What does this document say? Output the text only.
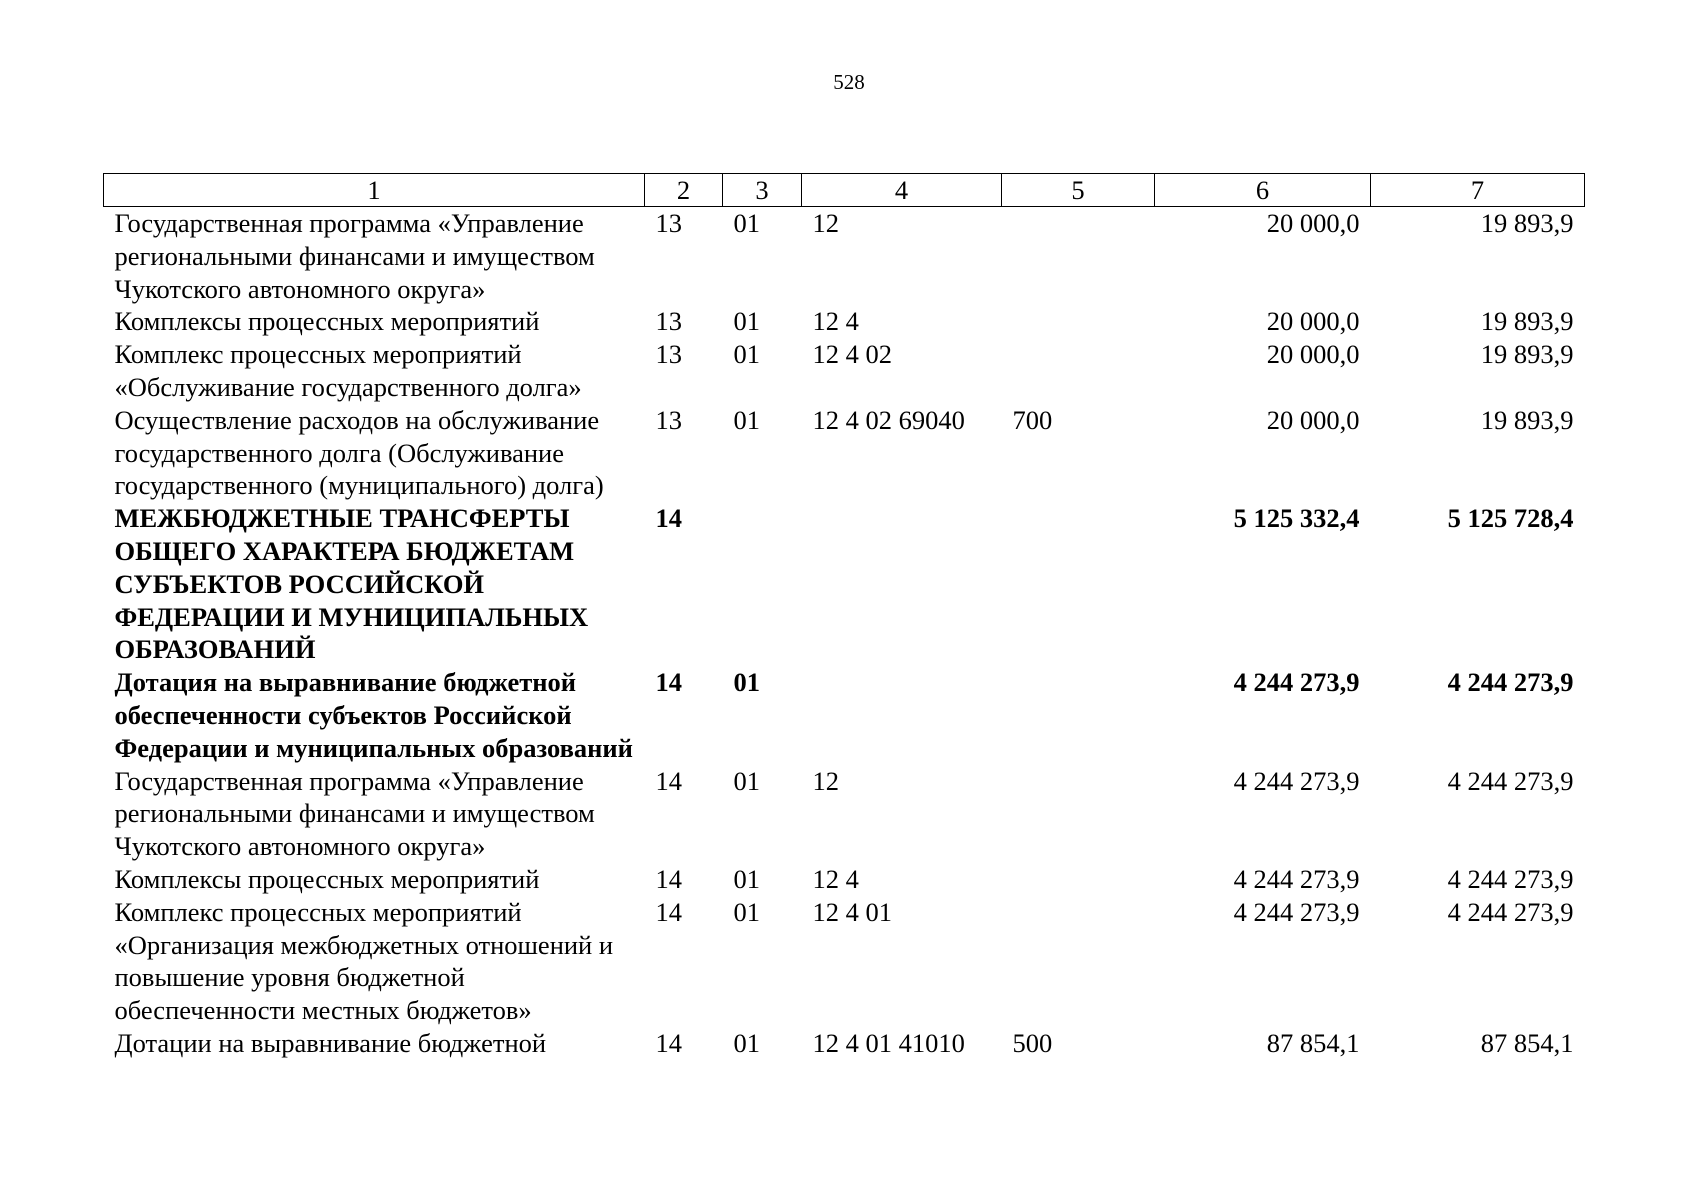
528
1	2	3	4	5	6	7
Государственная программа «Управление региональными финансами и имуществом Чукотского автономного округа»	13	01	12		20 000,0	19 893,9
Комплексы процессных мероприятий	13	01	12 4		20 000,0	19 893,9
Комплекс процессных мероприятий «Обслуживание государственного долга»	13	01	12 4 02		20 000,0	19 893,9
Осуществление расходов на обслуживание государственного долга (Обслуживание государственного (муниципального) долга)	13	01	12 4 02 69040	700	20 000,0	19 893,9
МЕЖБЮДЖЕТНЫЕ ТРАНСФЕРТЫ ОБЩЕГО ХАРАКТЕРА БЮДЖЕТАМ СУБЪЕКТОВ РОССИЙСКОЙ ФЕДЕРАЦИИ И МУНИЦИПАЛЬНЫХ ОБРАЗОВАНИЙ	14				5 125 332,4	5 125 728,4
Дотация на выравнивание бюджетной обеспеченности субъектов Российской Федерации и муниципальных образований	14	01			4 244 273,9	4 244 273,9
Государственная программа «Управление региональными финансами и имуществом Чукотского автономного округа»	14	01	12		4 244 273,9	4 244 273,9
Комплексы процессных мероприятий	14	01	12 4		4 244 273,9	4 244 273,9
Комплекс процессных мероприятий «Организация межбюджетных отношений и повышение уровня бюджетной обеспеченности местных бюджетов»	14	01	12 4 01		4 244 273,9	4 244 273,9
Дотации на выравнивание бюджетной	14	01	12 4 01 41010	500	87 854,1	87 854,1
